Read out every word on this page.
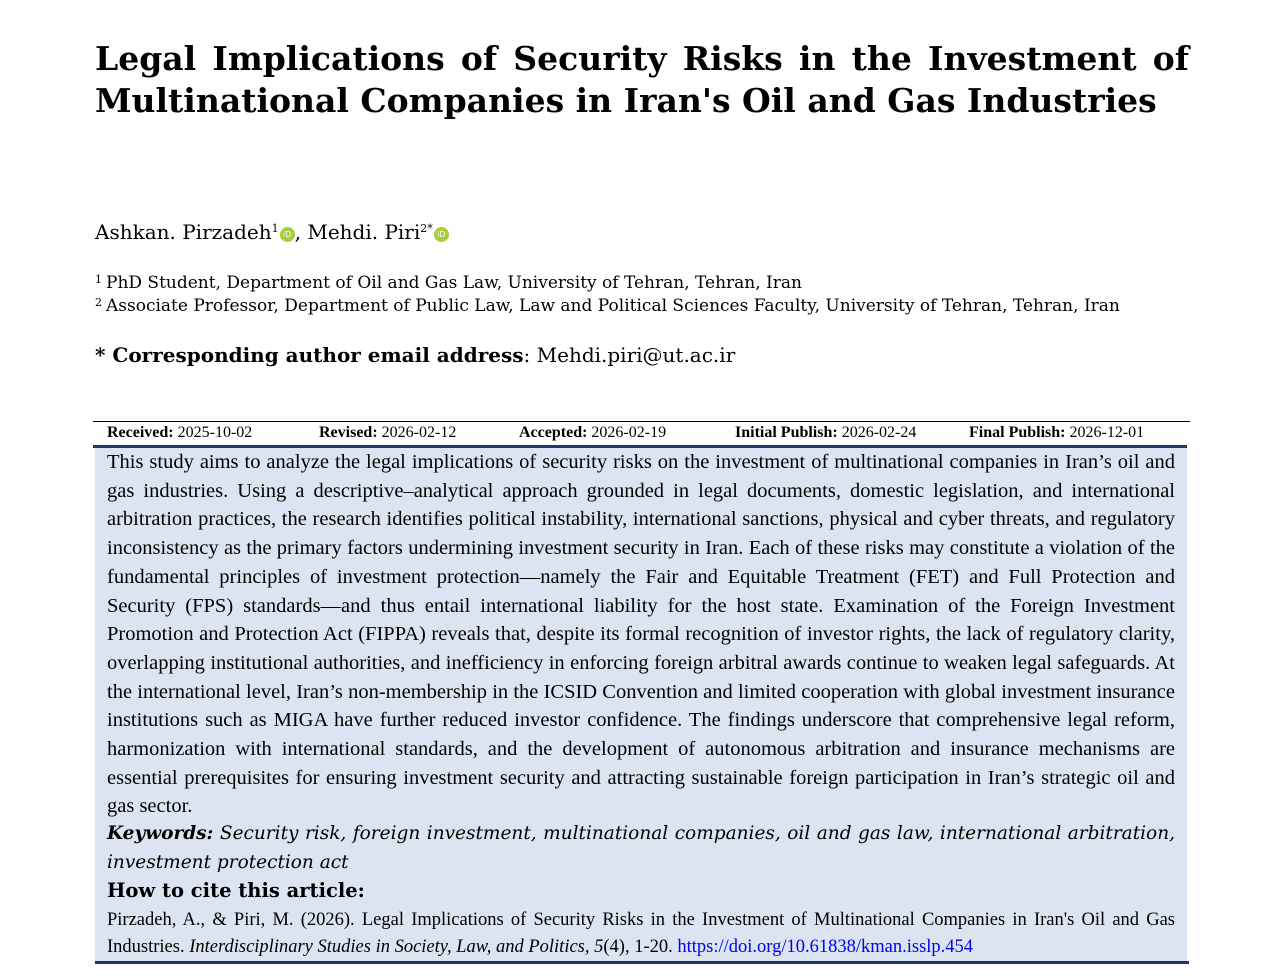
Legal Implications of Security Risks in the Investment of
Multinational Companies in Iran's Oil and Gas Industries
Ashkan. Pirzadeh$^1$ iD , Mehdi. Piri$^{2*}$ iD
$^1$ PhD Student, Department of Oil and Gas Law, University of Tehran, Tehran, Iran
$^2$ Associate Professor, Department of Public Law, Law and Political Sciences Faculty, University of Tehran, Tehran, Iran
* Corresponding author email address: Mehdi.piri@ut.ac.ir
Received: 2025-10-02	Revised: 2026-02-12	Accepted: 2026-02-19	Initial Publish: 2026-02-24	Final Publish: 2026-12-01

This study aims to analyze the legal implications of security risks on the investment of multinational companies in Iran’s oil and gas industries. Using a descriptive–analytical approach grounded in legal documents, domestic legislation, and international arbitration practices, the research identifies political instability, international sanctions, physical and cyber threats, and regulatory inconsistency as the primary factors undermining investment security in Iran. Each of these risks may constitute a violation of the fundamental principles of investment protection—namely the Fair and Equitable Treatment (FET) and Full Protection and Security (FPS) standards—and thus entail international liability for the host state. Examination of the Foreign Investment Promotion and Protection Act (FIPPA) reveals that, despite its formal recognition of investor rights, the lack of regulatory clarity, overlapping institutional authorities, and inefficiency in enforcing foreign arbitral awards continue to weaken legal safeguards. At the international level, Iran’s non-membership in the ICSID Convention and limited cooperation with global investment insurance institutions such as MIGA have further reduced investor confidence. The findings underscore that comprehensive legal reform, harmonization with international standards, and the development of autonomous arbitration and insurance mechanisms are essential prerequisites for ensuring investment security and attracting sustainable foreign participation in Iran’s strategic oil and gas sector.

Keywords: Security risk, foreign investment, multinational companies, oil and gas law, international arbitration, investment protection act

How to cite this article:

Pirzadeh, A., & Piri, M. (2026). Legal Implications of Security Risks in the Investment of Multinational Companies in Iran's Oil and Gas Industries. Interdisciplinary Studies in Society, Law, and Politics, 5(4), 1-20. https://doi.org/10.61838/kman.isslp.454
